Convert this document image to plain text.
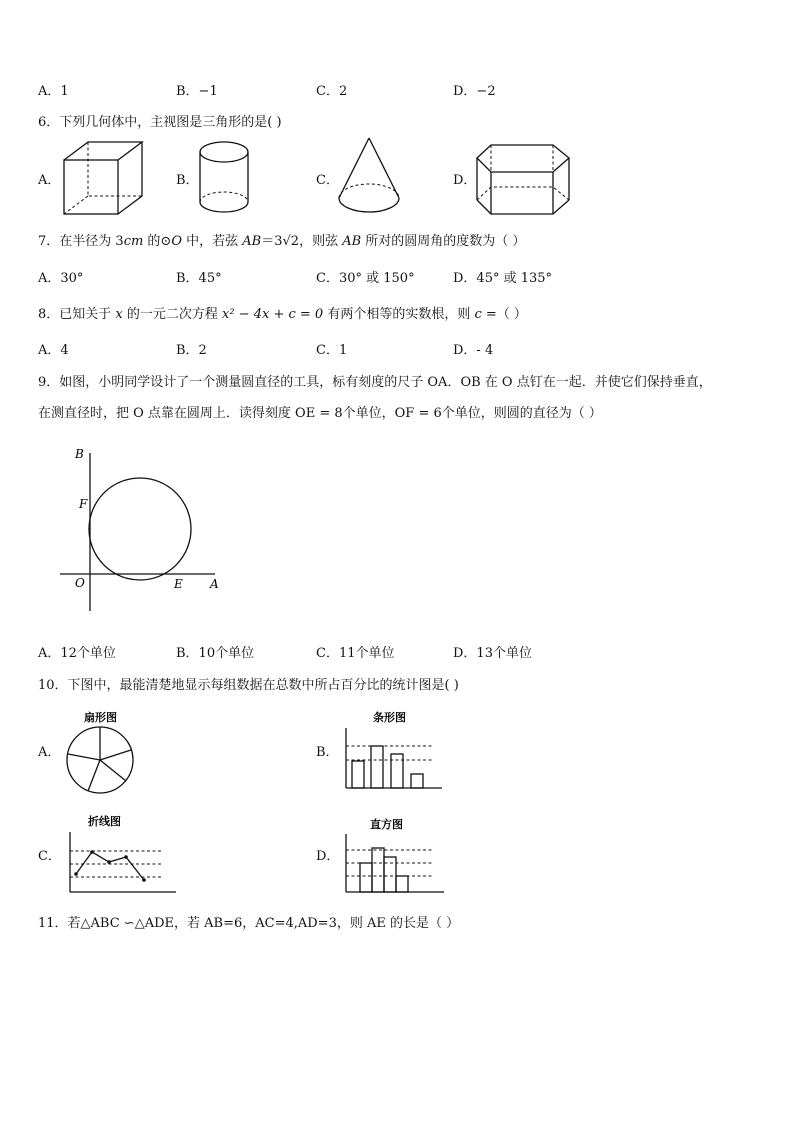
A．1	B．−1	C．2	D．−2
6．下列几何体中，主视图是三角形的是( )
A．	B．	C．	D．
7．在半径为 3cm 的⊙O 中，若弦 AB＝3√2，则弦 AB 所对的圆周角的度数为（ ）
A．30°	B．45°	C．30° 或 150°	D．45° 或 135°
8．已知关于 x 的一元二次方程 x² − 4x + c = 0 有两个相等的实数根，则 c =（ ）
A．4	B．2	C．1	D．- 4
9．如图，小明同学设计了一个测量圆直径的工具，标有刻度的尺子 OA．OB 在 O 点钉在一起．并使它们保持垂直，
在测直径时，把 O 点靠在圆周上．读得刻度 OE = 8个单位，OF = 6个单位，则圆的直径为（ ）
B
F
O	E A
A．12个单位	B．10个单位	C．11个单位	D．13个单位
10．下图中，最能清楚地显示每组数据在总数中所占百分比的统计图是( )
A．	B．
C．	D．
扇形图	条形图
折线图	直方图
11．若△ABC ∽△ADE，若 AB=6，AC=4,AD=3，则 AE 的长是（ ）
